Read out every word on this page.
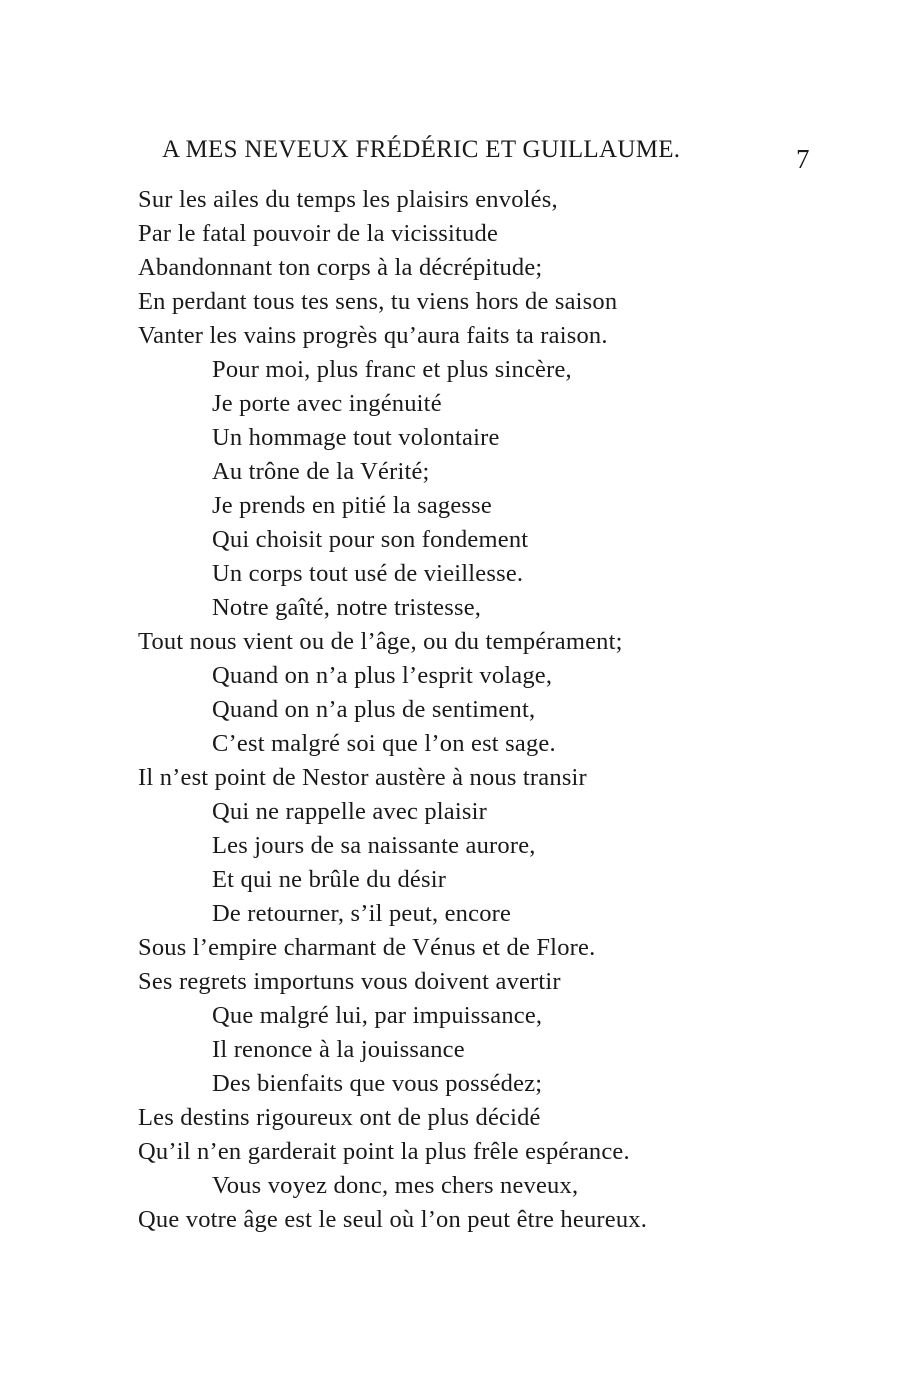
A MES NEVEUX FRÉDÉRIC ET GUILLAUME.	7
Sur les ailes du temps les plaisirs envolés,
Par le fatal pouvoir de la vicissitude
Abandonnant ton corps à la décrépitude;
En perdant tous tes sens, tu viens hors de saison
Vanter les vains progrès qu’aura faits ta raison.
Pour moi, plus franc et plus sincère,
Je porte avec ingénuité
Un hommage tout volontaire
Au trône de la Vérité;
Je prends en pitié la sagesse
Qui choisit pour son fondement
Un corps tout usé de vieillesse.
Notre gaîté, notre tristesse,
Tout nous vient ou de l’âge, ou du tempérament;
Quand on n’a plus l’esprit volage,
Quand on n’a plus de sentiment,
C’est malgré soi que l’on est sage.
Il n’est point de Nestor austère à nous transir
Qui ne rappelle avec plaisir
Les jours de sa naissante aurore,
Et qui ne brûle du désir
De retourner, s’il peut, encore
Sous l’empire charmant de Vénus et de Flore.
Ses regrets importuns vous doivent avertir
Que malgré lui, par impuissance,
Il renonce à la jouissance
Des bienfaits que vous possédez;
Les destins rigoureux ont de plus décidé
Qu’il n’en garderait point la plus frêle espérance.
Vous voyez donc, mes chers neveux,
Que votre âge est le seul où l’on peut être heureux.
